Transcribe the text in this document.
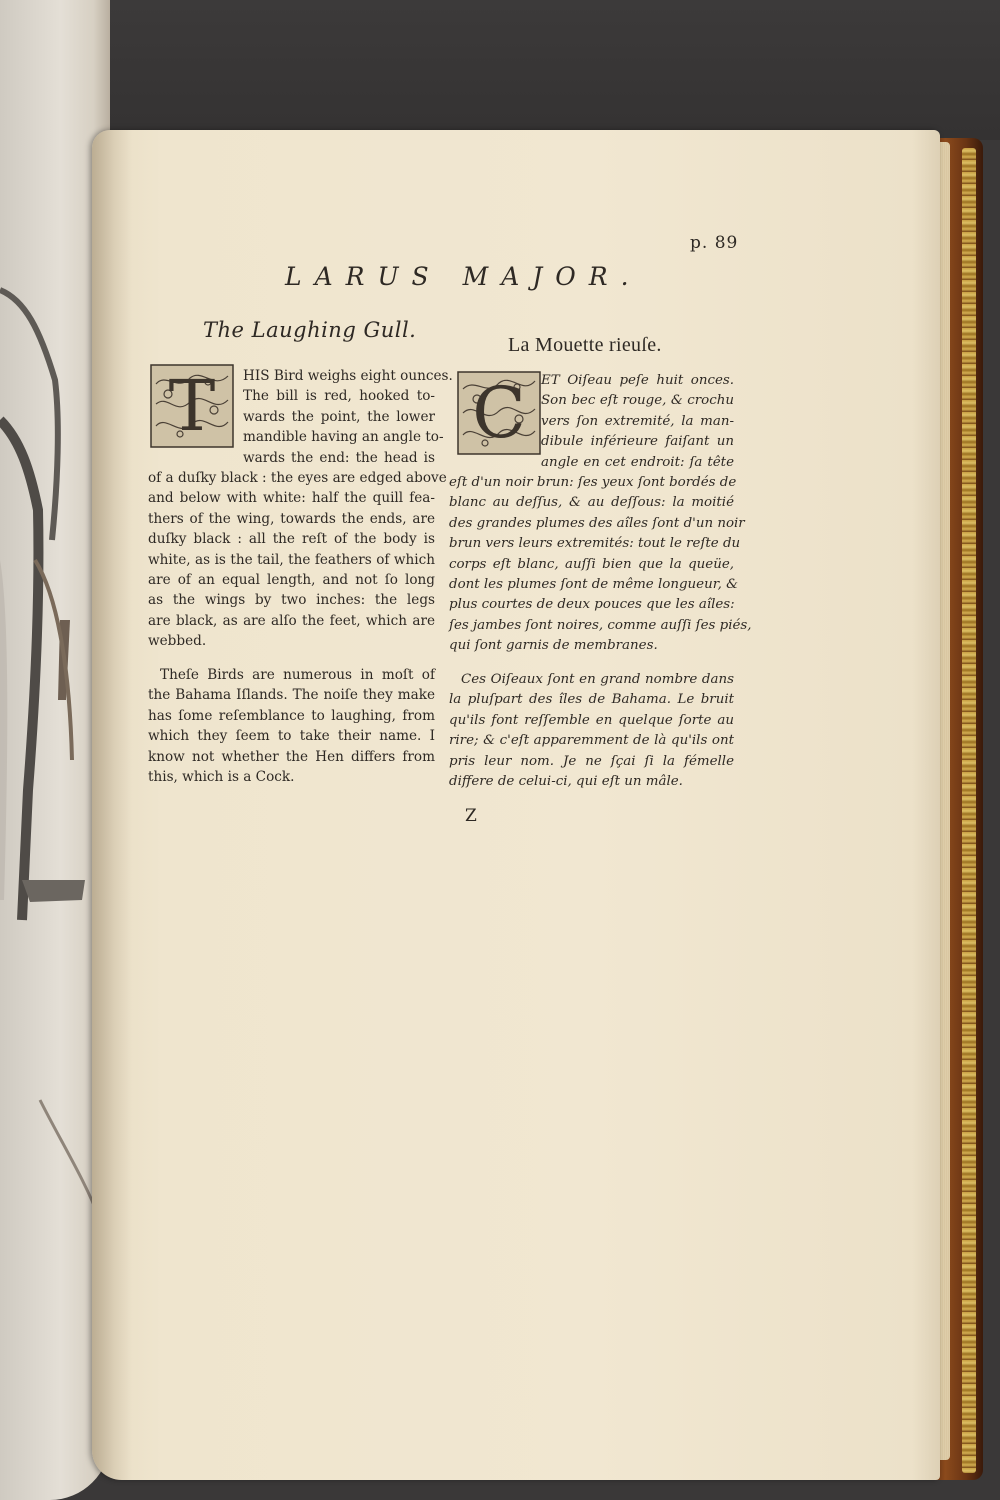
p. 89
LARUS MAJOR.
The Laughing Gull.
La Mouette rieuſe.
T	C
HIS Bird weighs eight ounces.
The bill is red, hooked to-
wards the point, the lower
mandible having an angle to-
wards the end: the head is
of a duſky black : the eyes are edged above
and below with white: half the quill fea-
thers of the wing, towards the ends, are
duſky black : all the reſt of the body is
white, as is the tail, the feathers of which
are of an equal length, and not ſo long
as the wings by two inches: the legs
are black, as are alſo the feet, which are
webbed.
Theſe Birds are numerous in moſt of
the Bahama Iſlands. The noiſe they make
has ſome reſemblance to laughing, from
which they ſeem to take their name. I
know not whether the Hen differs from
this, which is a Cock.
ET Oiſeau peſe huit onces.
Son bec eſt rouge, & crochu
vers ſon extremité, la man-
dibule inférieure faiſant un
angle en cet endroit: ſa tête
eſt d'un noir brun: ſes yeux ſont bordés de
blanc au deſſus, & au deſſous: la moitié
des grandes plumes des aîles ſont d'un noir
brun vers leurs extremités: tout le reſte du
corps eſt blanc, auſſi bien que la queüe,
dont les plumes ſont de même longueur, &
plus courtes de deux pouces que les aîles:
ſes jambes ſont noires, comme auſſi ſes piés,
qui ſont garnis de membranes.
Ces Oiſeaux ſont en grand nombre dans
la pluſpart des îles de Bahama. Le bruit
qu'ils font reſſemble en quelque ſorte au
rire; & c'eſt apparemment de là qu'ils ont
pris leur nom. Je ne ſçai ſi la fémelle
differe de celui-ci, qui eſt un mâle.
Z
